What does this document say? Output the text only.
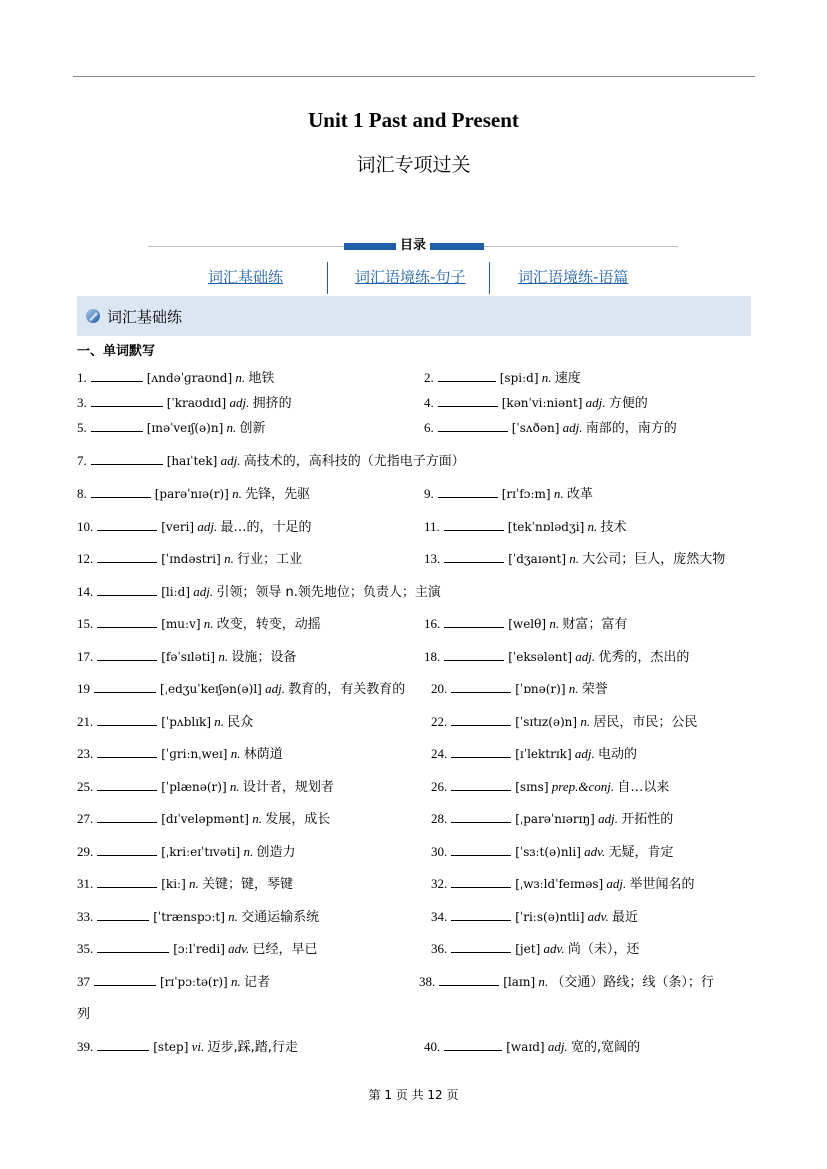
Unit 1 Past and Present
词汇专项过关
目录
词汇基础练	词汇语境练-句子	词汇语境练-语篇
词汇基础练
一、单词默写
1.	[ʌndəˈɡraʊnd] n. 地铁	2.	[spiːd] n. 速度
3.	[ˈkraʊdɪd] adj. 拥挤的	4.	[kənˈviːniənt] adj. 方便的
5.	[ɪnəˈveɪʃ(ə)n] n. 创新	6.	[ˈsʌðən] adj. 南部的，南方的
7.	[haɪˈtek] adj. 高技术的，高科技的（尤指电子方面）
8.	[parəˈnɪə(r)] n. 先锋，先驱	9.	[rɪˈfɔːm] n. 改革
10.	[veri] adj. 最…的，十足的	11.	[tekˈnɒlədʒi] n. 技术
12.	[ˈɪndəstri] n. 行业；工业	13.	[ˈdʒaɪənt] n. 大公司；巨人，庞然大物
14.	[liːd] adj. 引领；领导 n.领先地位；负责人；主演
15.	[muːv] n. 改变，转变，动摇	16.	[welθ] n. 财富；富有
17.	[fəˈsɪləti] n. 设施；设备	18.	[ˈeksələnt] adj. 优秀的，杰出的
19	[ˌedʒuˈkeɪʃən(ə)l] adj. 教育的，有关教育的 20.	[ˈɒnə(r)] n. 荣誉
21.	[ˈpʌblɪk] n. 民众	22.	[ˈsɪtɪz(ə)n] n. 居民，市民；公民
23.	[ˈɡriːnˌweɪ] n. 林荫道	24.	[ɪˈlektrɪk] adj. 电动的
25.	[ˈplænə(r)] n. 设计者，规划者	26.	[sɪns] prep.&conj. 自…以来
27.	[dɪˈveləpmənt] n. 发展，成长	28.	[ˌparəˈnɪərɪŋ] adj. 开拓性的
29.	[ˌkriːeɪˈtɪvəti] n. 创造力	30.	[ˈsɜːt(ə)nli] adv. 无疑，肯定
31.	[kiː] n. 关键；键，琴键	32.	[ˌwɜːldˈfeɪməs] adj. 举世闻名的
33.	[ˈtrænspɔːt] n. 交通运输系统	34.	[ˈriːs(ə)ntli] adv. 最近
35.	[ɔːlˈredi] adv. 已经，早已	36.	[jet] adv. 尚（未），还
37	[rɪˈpɔːtə(r)] n. 记者	38.	[laɪn] n. （交通）路线；线（条）；行
39.	[step] vi. 迈步,踩,踏,行走	40.	[waɪd] adj. 宽的,宽阔的
列
第 1 页 共 12 页
